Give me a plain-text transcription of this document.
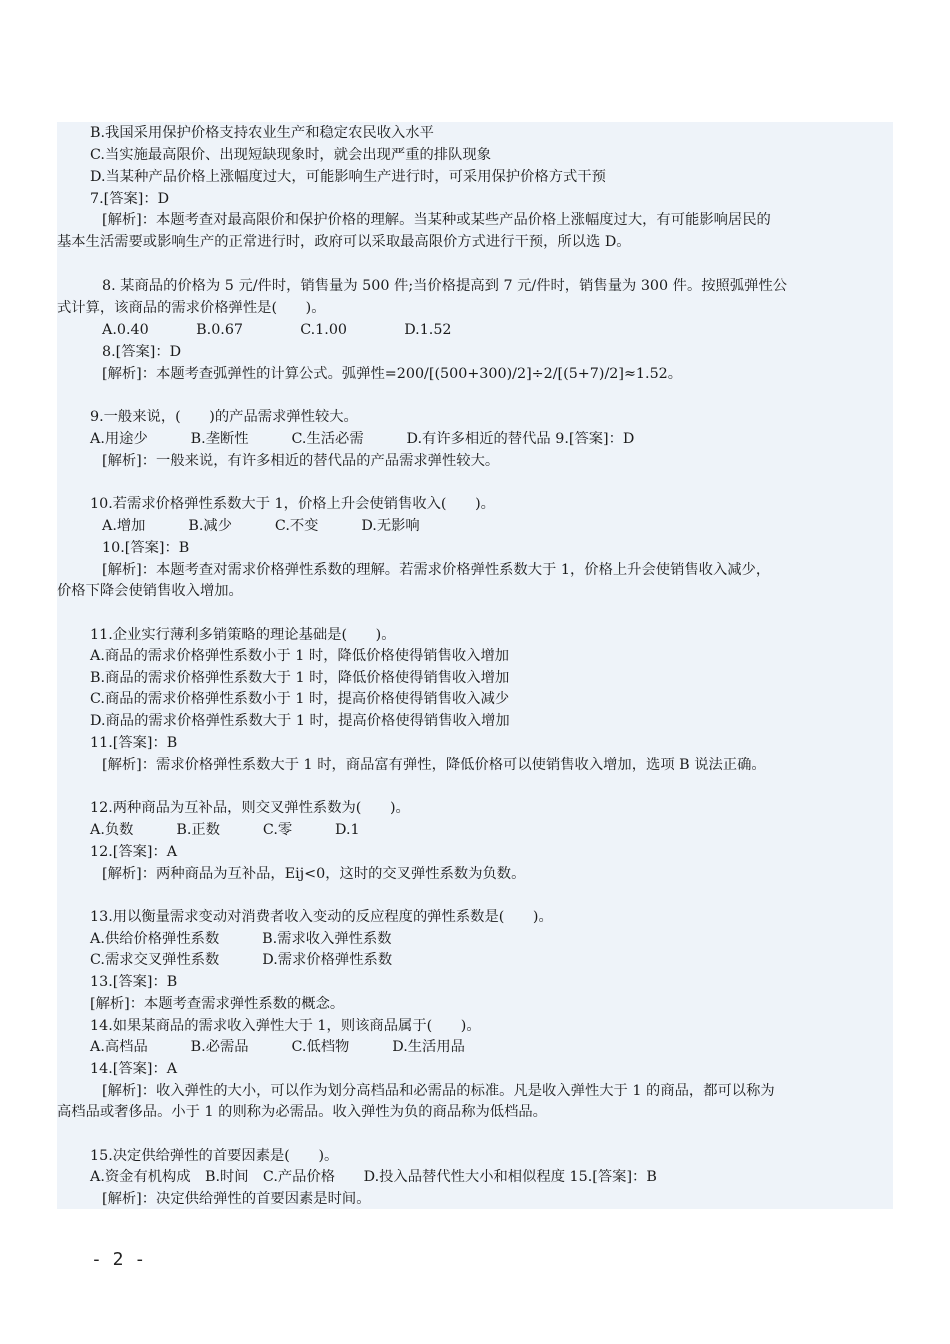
B.我国采用保护价格支持农业生产和稳定农民收入水平
C.当实施最高限价、出现短缺现象时，就会出现严重的排队现象
D.当某种产品价格上涨幅度过大，可能影响生产进行时，可采用保护价格方式干预
7.[答案]：D
[解析]：本题考查对最高限价和保护价格的理解。当某种或某些产品价格上涨幅度过大，有可能影响居民的
基本生活需要或影响生产的正常进行时，政府可以采取最高限价方式进行干预，所以选 D。
8. 某商品的价格为 5 元/件时，销售量为 500 件;当价格提高到 7 元/件时，销售量为 300 件。按照弧弹性公
式计算，该商品的需求价格弹性是(　　)。
A.0.40　　　 B.0.67　　　　C.1.00　　　　D.1.52
8.[答案]：D
[解析]：本题考查弧弹性的计算公式。弧弹性=200/[(500+300)/2]÷2/[(5+7)/2]≈1.52。
9.一般来说，(　　)的产品需求弹性较大。
A.用途少　　　B.垄断性　　　C.生活必需　　　D.有许多相近的替代品 9.[答案]：D
[解析]：一般来说，有许多相近的替代品的产品需求弹性较大。
10.若需求价格弹性系数大于 1，价格上升会使销售收入(　　)。
A.增加　　　B.减少　　　C.不变　　　D.无影响
10.[答案]：B
[解析]：本题考查对需求价格弹性系数的理解。若需求价格弹性系数大于 1，价格上升会使销售收入减少，
价格下降会使销售收入增加。
11.企业实行薄利多销策略的理论基础是(　　)。
A.商品的需求价格弹性系数小于 1 时，降低价格使得销售收入增加
B.商品的需求价格弹性系数大于 1 时，降低价格使得销售收入增加
C.商品的需求价格弹性系数小于 1 时，提高价格使得销售收入减少
D.商品的需求价格弹性系数大于 1 时，提高价格使得销售收入增加
11.[答案]：B
[解析]：需求价格弹性系数大于 1 时，商品富有弹性，降低价格可以使销售收入增加，选项 B 说法正确。
12.两种商品为互补品，则交叉弹性系数为(　　)。
A.负数　　　B.正数　　　C.零　　　D.1
12.[答案]：A
[解析]：两种商品为互补品，Eij<0，这时的交叉弹性系数为负数。
13.用以衡量需求变动对消费者收入变动的反应程度的弹性系数是(　　)。
A.供给价格弹性系数　　　B.需求收入弹性系数
C.需求交叉弹性系数　　　D.需求价格弹性系数
13.[答案]：B
[解析]：本题考查需求弹性系数的概念。
14.如果某商品的需求收入弹性大于 1，则该商品属于(　　)。
A.高档品　　　B.必需品　　　C.低档物　　　D.生活用品
14.[答案]：A
[解析]：收入弹性的大小，可以作为划分高档品和必需品的标准。凡是收入弹性大于 1 的商品，都可以称为
高档品或奢侈品。小于 1 的则称为必需品。收入弹性为负的商品称为低档品。
15.决定供给弹性的首要因素是(　　)。
A.资金有机构成　B.时间　C.产品价格　　D.投入品替代性大小和相似程度 15.[答案]：B
[解析]：决定供给弹性的首要因素是时间。
- 2 -
